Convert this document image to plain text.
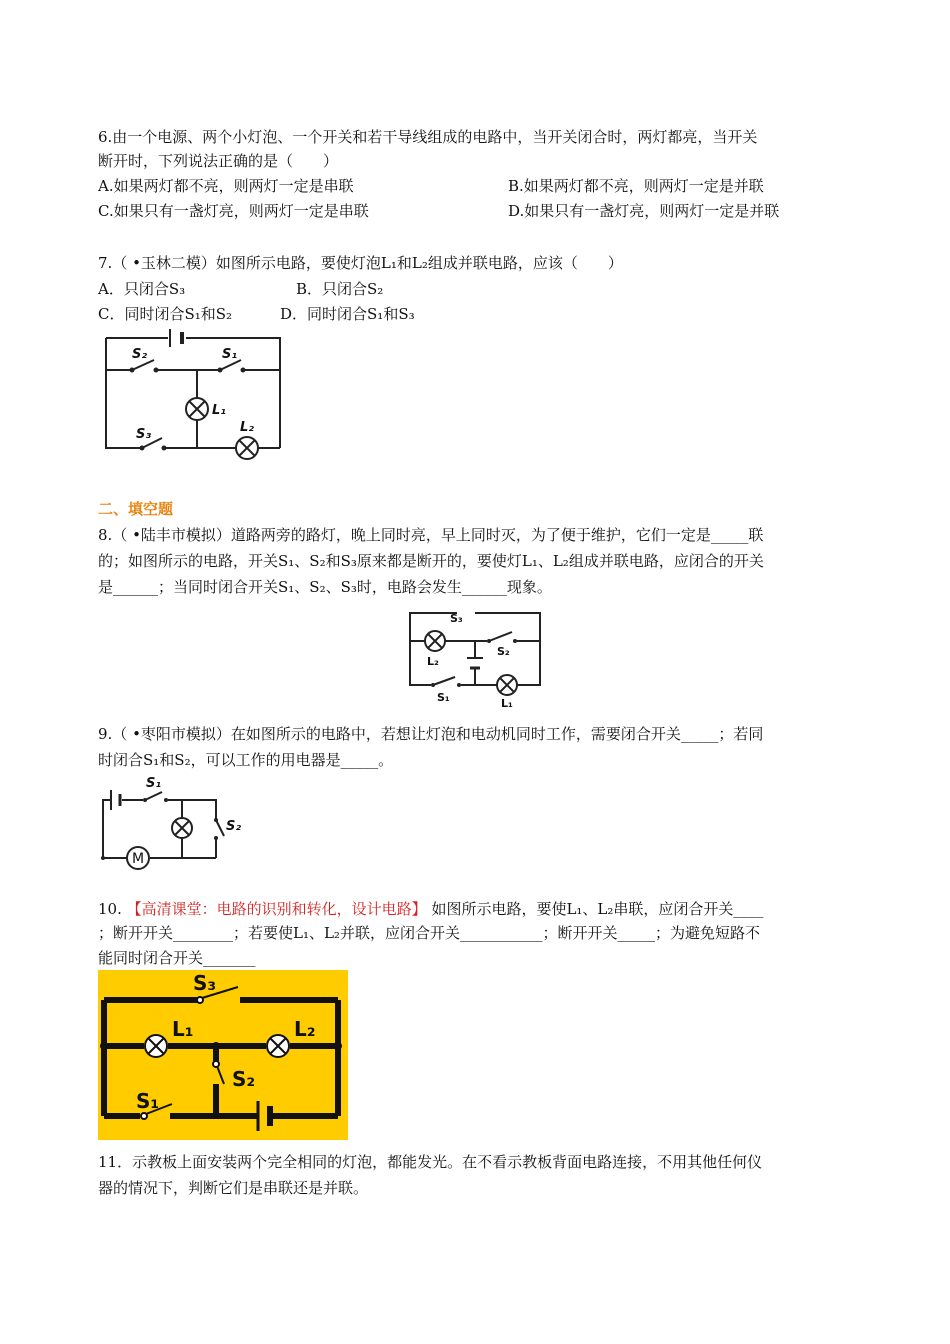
6.由一个电源、两个小灯泡、一个开关和若干导线组成的电路中，当开关闭合时，两灯都亮，当开关
断开时，下列说法正确的是（　　）
A.如果两灯都不亮，则两灯一定是串联	B.如果两灯都不亮，则两灯一定是并联
C.如果只有一盏灯亮，则两灯一定是串联	D.如果只有一盏灯亮，则两灯一定是并联
7.（ •玉林二模）如图所示电路，要使灯泡L₁和L₂组成并联电路，应该（　　）
A．只闭合S₃	B．只闭合S₂
C．同时闭合S₁和S₂	D．同时闭合S₁和S₃
S₂	S₁
L₁
S₃	L₂
二、填空题
8.（ •陆丰市模拟）道路两旁的路灯，晚上同时亮，早上同时灭，为了便于维护，它们一定是_____联
的；如图所示的电路，开关S₁、S₂和S₃原来都是断开的，要使灯L₁、L₂组成并联电路，应闭合的开关
是______；当同时闭合开关S₁、S₂、S₃时，电路会发生______现象。
S₃
L₂
S₂
S₁	L₁
9.（ •枣阳市模拟）在如图所示的电路中，若想让灯泡和电动机同时工作，需要闭合开关_____；若同
时闭合S₁和S₂，可以工作的用电器是_____。
S₁
S₂
M
10. 【高清课堂：电路的识别和转化，设计电路】 如图所示电路，要使L₁、L₂串联，应闭合开关____
；断开开关________；若要使L₁、L₂并联，应闭合开关___________；断开开关_____；为避免短路不
能同时闭合开关_______
S₃
L₁	L₂
S₂
S₁
11．示教板上面安装两个完全相同的灯泡，都能发光。在不看示教板背面电路连接，不用其他任何仪
器的情况下，判断它们是串联还是并联。
